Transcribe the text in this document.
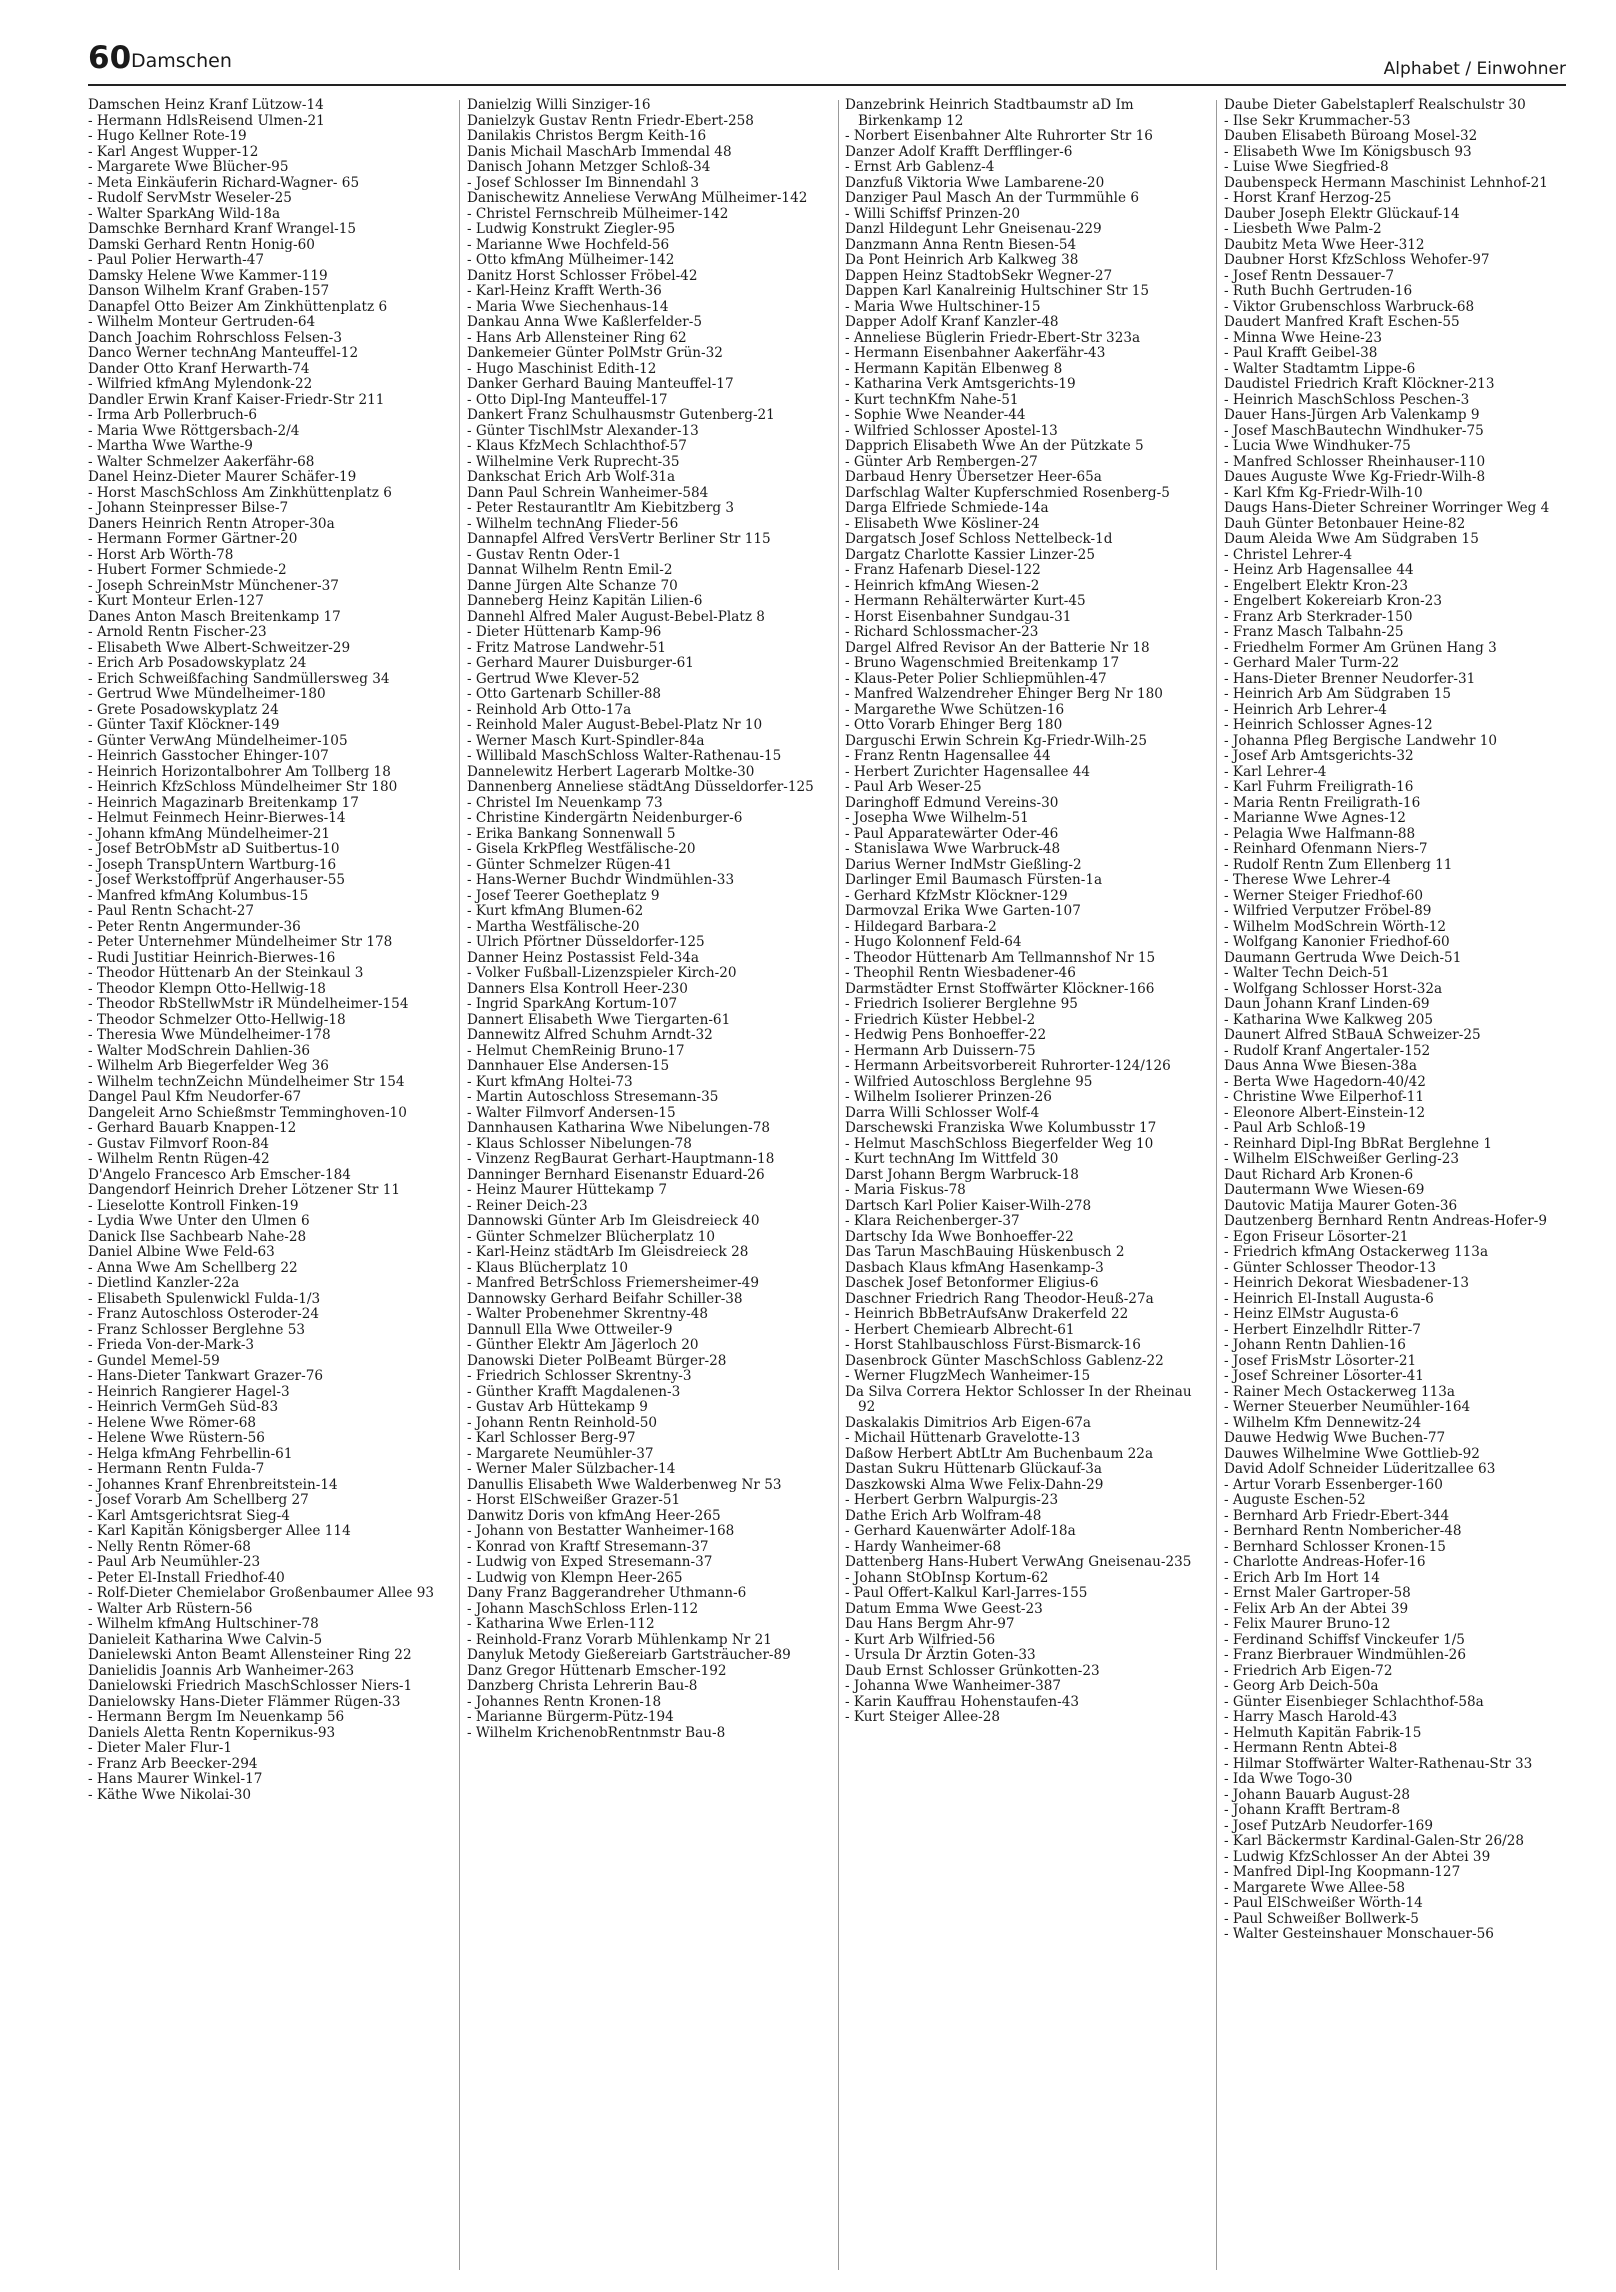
60 Damschen	Alphabet / Einwohner

Damschen Heinz Kranf Lützow-14

- Hermann HdlsReisend Ulmen-21

- Hugo Kellner Rote-19

- Karl Angest Wupper-12

- Margarete Wwe Blücher-95

- Meta Einkäuferin Richard-Wagner- 65

- Rudolf ServMstr Weseler-25

- Walter SparkAng Wild-18a

Damschke Bernhard Kranf Wrangel-15

Damski Gerhard Rentn Honig-60

- Paul Polier Herwarth-47

Damsky Helene Wwe Kammer-119

Danson Wilhelm Kranf Graben-157

Danapfel Otto Beizer Am Zinkhüttenplatz 6

- Wilhelm Monteur Gertruden-64

Danch Joachim Rohrschloss Felsen-3

Danco Werner technAng Manteuffel-12

Dander Otto Kranf Herwarth-74

- Wilfried kfmAng Mylendonk-22

Dandler Erwin Kranf Kaiser-Friedr-Str 211

- Irma Arb Pollerbruch-6

- Maria Wwe Röttgersbach-2/4

- Martha Wwe Warthe-9

- Walter Schmelzer Aakerfähr-68

Danel Heinz-Dieter Maurer Schäfer-19

- Horst MaschSchloss Am Zinkhüttenplatz 6

- Johann Steinpresser Bilse-7

Daners Heinrich Rentn Atroper-30a

- Hermann Former Gärtner-20

- Horst Arb Wörth-78

- Hubert Former Schmiede-2

- Joseph SchreinMstr Münchener-37

- Kurt Monteur Erlen-127

Danes Anton Masch Breitenkamp 17

- Arnold Rentn Fischer-23

- Elisabeth Wwe Albert-Schweitzer-29

- Erich Arb Posadowskyplatz 24

- Erich Schweißfaching Sandmüllersweg 34

- Gertrud Wwe Mündelheimer-180

- Grete Posadowskyplatz 24

- Günter Taxif Klöckner-149

- Günter VerwAng Mündelheimer-105

- Heinrich Gasstocher Ehinger-107

- Heinrich Horizontalbohrer Am Tollberg 18

- Heinrich KfzSchloss Mündelheimer Str 180

- Heinrich Magazinarb Breitenkamp 17

- Helmut Feinmech Heinr-Bierwes-14

- Johann kfmAng Mündelheimer-21

- Josef BetrObMstr aD Suitbertus-10

- Joseph TranspUntern Wartburg-16

- Josef Werkstoffprüf Angerhauser-55

- Manfred kfmAng Kolumbus-15

- Paul Rentn Schacht-27

- Peter Rentn Angermunder-36

- Peter Unternehmer Mündelheimer Str 178

- Rudi Justitiar Heinrich-Bierwes-16

- Theodor Hüttenarb An der Steinkaul 3

- Theodor Klempn Otto-Hellwig-18

- Theodor RbStellwMstr iR Mündelheimer-154

- Theodor Schmelzer Otto-Hellwig-18

- Theresia Wwe Mündelheimer-178

- Walter ModSchrein Dahlien-36

- Wilhelm Arb Biegerfelder Weg 36

- Wilhelm technZeichn Mündelheimer Str 154

Dangel Paul Kfm Neudorfer-67

Dangeleit Arno Schießmstr Temminghoven-10

- Gerhard Bauarb Knappen-12

- Gustav Filmvorf Roon-84

- Wilhelm Rentn Rügen-42

D'Angelo Francesco Arb Emscher-184

Dangendorf Heinrich Dreher Lötzener Str 11

- Lieselotte Kontroll Finken-19

- Lydia Wwe Unter den Ulmen 6

Danick Ilse Sachbearb Nahe-28

Daniel Albine Wwe Feld-63

- Anna Wwe Am Schellberg 22

- Dietlind Kanzler-22a

- Elisabeth Spulenwickl Fulda-1/3

- Franz Autoschloss Osteroder-24

- Franz Schlosser Berglehne 53

- Frieda Von-der-Mark-3

- Gundel Memel-59

- Hans-Dieter Tankwart Grazer-76

- Heinrich Rangierer Hagel-3

- Heinrich VermGeh Süd-83

- Helene Wwe Römer-68

- Helene Wwe Rüstern-56

- Helga kfmAng Fehrbellin-61

- Hermann Rentn Fulda-7

- Johannes Kranf Ehrenbreitstein-14

- Josef Vorarb Am Schellberg 27

- Karl Amtsgerichtsrat Sieg-4

- Karl Kapitän Königsberger Allee 114

- Nelly Rentn Römer-68

- Paul Arb Neumühler-23

- Peter El-Install Friedhof-40

- Rolf-Dieter Chemielabor Großenbaumer Allee 93

- Walter Arb Rüstern-56

- Wilhelm kfmAng Hultschiner-78

Danieleit Katharina Wwe Calvin-5

Danielewski Anton Beamt Allensteiner Ring 22

Danielidis Joannis Arb Wanheimer-263

Danielowski Friedrich MaschSchlosser Niers-1

Danielowsky Hans-Dieter Flämmer Rügen-33

- Hermann Bergm Im Neuenkamp 56

Daniels Aletta Rentn Kopernikus-93

- Dieter Maler Flur-1

- Franz Arb Beecker-294

- Hans Maurer Winkel-17

- Käthe Wwe Nikolai-30

Danielzig Willi Sinziger-16

Danielzyk Gustav Rentn Friedr-Ebert-258

Danilakis Christos Bergm Keith-16

Danis Michail MaschArb Immendal 48

Danisch Johann Metzger Schloß-34

- Josef Schlosser Im Binnendahl 3

Danischewitz Anneliese VerwAng Mülheimer-142

- Christel Fernschreib Mülheimer-142

- Ludwig Konstrukt Ziegler-95

- Marianne Wwe Hochfeld-56

- Otto kfmAng Mülheimer-142

Danitz Horst Schlosser Fröbel-42

- Karl-Heinz Krafft Werth-36

- Maria Wwe Siechenhaus-14

Dankau Anna Wwe Kaßlerfelder-5

- Hans Arb Allensteiner Ring 62

Dankemeier Günter PolMstr Grün-32

- Hugo Maschinist Edith-12

Danker Gerhard Bauing Manteuffel-17

- Otto Dipl-Ing Manteuffel-17

Dankert Franz Schulhausmstr Gutenberg-21

- Günter TischlMstr Alexander-13

- Klaus KfzMech Schlachthof-57

- Wilhelmine Verk Ruprecht-35

Dankschat Erich Arb Wolf-31a

Dann Paul Schrein Wanheimer-584

- Peter Restaurantltr Am Kiebitzberg 3

- Wilhelm technAng Flieder-56

Dannapfel Alfred VersVertr Berliner Str 115

- Gustav Rentn Oder-1

Dannat Wilhelm Rentn Emil-2

Danne Jürgen Alte Schanze 70

Danneberg Heinz Kapitän Lilien-6

Dannehl Alfred Maler August-Bebel-Platz 8

- Dieter Hüttenarb Kamp-96

- Fritz Matrose Landwehr-51

- Gerhard Maurer Duisburger-61

- Gertrud Wwe Klever-52

- Otto Gartenarb Schiller-88

- Reinhold Arb Otto-17a

- Reinhold Maler August-Bebel-Platz Nr 10

- Werner Masch Kurt-Spindler-84a

- Willibald MaschSchloss Walter-Rathenau-15

Dannelewitz Herbert Lagerarb Moltke-30

Dannenberg Anneliese städtAng Düsseldorfer-125

- Christel Im Neuenkamp 73

- Christine Kindergärtn Neidenburger-6

- Erika Bankang Sonnenwall 5

- Gisela KrkPfleg Westfälische-20

- Günter Schmelzer Rügen-41

- Hans-Werner Buchdr Windmühlen-33

- Josef Teerer Goetheplatz 9

- Kurt kfmAng Blumen-62

- Martha Westfälische-20

- Ulrich Pförtner Düsseldorfer-125

Danner Heinz Postassist Feld-34a

- Volker Fußball-Lizenzspieler Kirch-20

Danners Elsa Kontroll Heer-230

- Ingrid SparkAng Kortum-107

Dannert Elisabeth Wwe Tiergarten-61

Dannewitz Alfred Schuhm Arndt-32

- Helmut ChemReinig Bruno-17

Dannhauer Else Andersen-15

- Kurt kfmAng Holtei-73

- Martin Autoschloss Stresemann-35

- Walter Filmvorf Andersen-15

Dannhausen Katharina Wwe Nibelungen-78

- Klaus Schlosser Nibelungen-78

- Vinzenz RegBaurat Gerhart-Hauptmann-18

Danninger Bernhard Eisenanstr Eduard-26

- Heinz Maurer Hüttekamp 7

- Reiner Deich-23

Dannowski Günter Arb Im Gleisdreieck 40

- Günter Schmelzer Blücherplatz 10

- Karl-Heinz städtArb Im Gleisdreieck 28

- Klaus Blücherplatz 10

- Manfred BetrSchloss Friemersheimer-49

Dannowsky Gerhard Beifahr Schiller-38

- Walter Probenehmer Skrentny-48

Dannull Ella Wwe Ottweiler-9

- Günther Elektr Am Jägerloch 20

Danowski Dieter PolBeamt Bürger-28

- Friedrich Schlosser Skrentny-3

- Günther Krafft Magdalenen-3

- Gustav Arb Hüttekamp 9

- Johann Rentn Reinhold-50

- Karl Schlosser Berg-97

- Margarete Neumühler-37

- Werner Maler Sülzbacher-14

Danullis Elisabeth Wwe Walderbenweg Nr 53

- Horst ElSchweißer Grazer-51

Danwitz Doris von kfmAng Heer-265

- Johann von Bestatter Wanheimer-168

- Konrad von Kraftf Stresemann-37

- Ludwig von Exped Stresemann-37

- Ludwig von Klempn Heer-265

Dany Franz Baggerandreher Uthmann-6

- Johann MaschSchloss Erlen-112

- Katharina Wwe Erlen-112

- Reinhold-Franz Vorarb Mühlenkamp Nr 21

Danyluk Metody Gießereiarb Gartsträucher-89

Danz Gregor Hüttenarb Emscher-192

Danzberg Christa Lehrerin Bau-8

- Johannes Rentn Kronen-18

- Marianne Bürgerm-Pütz-194

- Wilhelm KrichenobRentnmstr Bau-8

Danzebrink Heinrich Stadtbaumstr aD Im Birkenkamp 12

- Norbert Eisenbahner Alte Ruhrorter Str 16

Danzer Adolf Krafft Derfflinger-6

- Ernst Arb Gablenz-4

Danzfuß Viktoria Wwe Lambarene-20

Danziger Paul Masch An der Turmmühle 6

- Willi Schiffsf Prinzen-20

Danzl Hildegunt Lehr Gneisenau-229

Danzmann Anna Rentn Biesen-54

Da Pont Heinrich Arb Kalkweg 38

Dappen Heinz StadtobSekr Wegner-27

Dappen Karl Kanalreinig Hultschiner Str 15

- Maria Wwe Hultschiner-15

Dapper Adolf Kranf Kanzler-48

- Anneliese Büglerin Friedr-Ebert-Str 323a

- Hermann Eisenbahner Aakerfähr-43

- Hermann Kapitän Elbenweg 8

- Katharina Verk Amtsgerichts-19

- Kurt technKfm Nahe-51

- Sophie Wwe Neander-44

- Wilfried Schlosser Apostel-13

Dapprich Elisabeth Wwe An der Pützkate 5

- Günter Arb Rembergen-27

Darbaud Henry Übersetzer Heer-65a

Darfschlag Walter Kupferschmied Rosenberg-5

Darga Elfriede Schmiede-14a

- Elisabeth Wwe Kösliner-24

Dargatsch Josef Schloss Nettelbeck-1d

Dargatz Charlotte Kassier Linzer-25

- Franz Hafenarb Diesel-122

- Heinrich kfmAng Wiesen-2

- Hermann Rehälterwärter Kurt-45

- Horst Eisenbahner Sundgau-31

- Richard Schlossmacher-23

Dargel Alfred Revisor An der Batterie Nr 18

- Bruno Wagenschmied Breitenkamp 17

- Klaus-Peter Polier Schliepmühlen-47

- Manfred Walzendreher Ehinger Berg Nr 180

- Margarethe Wwe Schützen-16

- Otto Vorarb Ehinger Berg 180

Darguschi Erwin Schrein Kg-Friedr-Wilh-25

- Franz Rentn Hagensallee 44

- Herbert Zurichter Hagensallee 44

- Paul Arb Weser-25

Daringhoff Edmund Vereins-30

- Josepha Wwe Wilhelm-51

- Paul Apparatewärter Oder-46

- Stanislawa Wwe Warbruck-48

Darius Werner IndMstr Gießling-2

Darlinger Emil Baumasch Fürsten-1a

- Gerhard KfzMstr Klöckner-129

Darmovzal Erika Wwe Garten-107

- Hildegard Barbara-2

- Hugo Kolonnenf Feld-64

- Theodor Hüttenarb Am Tellmannshof Nr 15

- Theophil Rentn Wiesbadener-46

Darmstädter Ernst Stoffwärter Klöckner-166

- Friedrich Isolierer Berglehne 95

- Friedrich Küster Hebbel-2

- Hedwig Pens Bonhoeffer-22

- Hermann Arb Duissern-75

- Hermann Arbeitsvorbereit Ruhrorter-124/126

- Wilfried Autoschloss Berglehne 95

- Wilhelm Isolierer Prinzen-26

Darra Willi Schlosser Wolf-4

Darschewski Franziska Wwe Kolumbusstr 17

- Helmut MaschSchloss Biegerfelder Weg 10

- Kurt technAng Im Wittfeld 30

Darst Johann Bergm Warbruck-18

- Maria Fiskus-78

Dartsch Karl Polier Kaiser-Wilh-278

- Klara Reichenberger-37

Dartschy Ida Wwe Bonhoeffer-22

Das Tarun MaschBauing Hüskenbusch 2

Dasbach Klaus kfmAng Hasenkamp-3

Daschek Josef Betonformer Eligius-6

Daschner Friedrich Rang Theodor-Heuß-27a

- Heinrich BbBetrAufsAnw Drakerfeld 22

- Herbert Chemiearb Albrecht-61

- Horst Stahlbauschloss Fürst-Bismarck-16

Dasenbrock Günter MaschSchloss Gablenz-22

- Werner FlugzMech Wanheimer-15

Da Silva Correra Hektor Schlosser In der Rheinau 92

Daskalakis Dimitrios Arb Eigen-67a

- Michail Hüttenarb Gravelotte-13

Daßow Herbert AbtLtr Am Buchenbaum 22a

Dastan Sukru Hüttenarb Glückauf-3a

Daszkowski Alma Wwe Felix-Dahn-29

- Herbert Gerbrn Walpurgis-23

Dathe Erich Arb Wolfram-48

- Gerhard Kauenwärter Adolf-18a

- Hardy Wanheimer-68

Dattenberg Hans-Hubert VerwAng Gneisenau-235

- Johann StObInsp Kortum-62

- Paul Offert-Kalkul Karl-Jarres-155

Datum Emma Wwe Geest-23

Dau Hans Bergm Ahr-97

- Kurt Arb Wilfried-56

- Ursula Dr Ärztin Goten-33

Daub Ernst Schlosser Grünkotten-23

- Johanna Wwe Wanheimer-387

- Karin Kauffrau Hohenstaufen-43

- Kurt Steiger Allee-28

Daube Dieter Gabelstaplerf Realschulstr 30

- Ilse Sekr Krummacher-53

Dauben Elisabeth Büroang Mosel-32

- Elisabeth Wwe Im Königsbusch 93

- Luise Wwe Siegfried-8

Daubenspeck Hermann Maschinist Lehnhof-21

- Horst Kranf Herzog-25

Dauber Joseph Elektr Glückauf-14

- Liesbeth Wwe Palm-2

Daubitz Meta Wwe Heer-312

Daubner Horst KfzSchloss Wehofer-97

- Josef Rentn Dessauer-7

- Ruth Buchh Gertruden-16

- Viktor Grubenschloss Warbruck-68

Daudert Manfred Kraft Eschen-55

- Minna Wwe Heine-23

- Paul Krafft Geibel-38

- Walter Stadtamtm Lippe-6

Daudistel Friedrich Kraft Klöckner-213

- Heinrich MaschSchloss Peschen-3

Dauer Hans-Jürgen Arb Valenkamp 9

- Josef MaschBautechn Windhuker-75

- Lucia Wwe Windhuker-75

- Manfred Schlosser Rheinhauser-110

Daues Auguste Wwe Kg-Friedr-Wilh-8

- Karl Kfm Kg-Friedr-Wilh-10

Daugs Hans-Dieter Schreiner Worringer Weg 4

Dauh Günter Betonbauer Heine-82

Daum Aleida Wwe Am Südgraben 15

- Christel Lehrer-4

- Heinz Arb Hagensallee 44

- Engelbert Elektr Kron-23

- Engelbert Kokereiarb Kron-23

- Franz Arb Sterkrader-150

- Franz Masch Talbahn-25

- Friedhelm Former Am Grünen Hang 3

- Gerhard Maler Turm-22

- Hans-Dieter Brenner Neudorfer-31

- Heinrich Arb Am Südgraben 15

- Heinrich Arb Lehrer-4

- Heinrich Schlosser Agnes-12

- Johanna Pfleg Bergische Landwehr 10

- Josef Arb Amtsgerichts-32

- Karl Lehrer-4

- Karl Fuhrm Freiligrath-16

- Maria Rentn Freiligrath-16

- Marianne Wwe Agnes-12

- Pelagia Wwe Halfmann-88

- Reinhard Ofenmann Niers-7

- Rudolf Rentn Zum Ellenberg 11

- Therese Wwe Lehrer-4

- Werner Steiger Friedhof-60

- Wilfried Verputzer Fröbel-89

- Wilhelm ModSchrein Wörth-12

- Wolfgang Kanonier Friedhof-60

Daumann Gertruda Wwe Deich-51

- Walter Techn Deich-51

- Wolfgang Schlosser Horst-32a

Daun Johann Kranf Linden-69

- Katharina Wwe Kalkweg 205

Daunert Alfred StBauA Schweizer-25

- Rudolf Kranf Angertaler-152

Daus Anna Wwe Biesen-38a

- Berta Wwe Hagedorn-40/42

- Christine Wwe Eilperhof-11

- Eleonore Albert-Einstein-12

- Paul Arb Schloß-19

- Reinhard Dipl-Ing BbRat Berglehne 1

- Wilhelm ElSchweißer Gerling-23

Daut Richard Arb Kronen-6

Dautermann Wwe Wiesen-69

Dautovic Matija Maurer Goten-36

Dautzenberg Bernhard Rentn Andreas-Hofer-9

- Egon Friseur Lösorter-21

- Friedrich kfmAng Ostackerweg 113a

- Günter Schlosser Theodor-13

- Heinrich Dekorat Wiesbadener-13

- Heinrich El-Install Augusta-6

- Heinz ElMstr Augusta-6

- Herbert Einzelhdlr Ritter-7

- Johann Rentn Dahlien-16

- Josef FrisMstr Lösorter-21

- Josef Schreiner Lösorter-41

- Rainer Mech Ostackerweg 113a

- Werner Steuerber Neumühler-164

- Wilhelm Kfm Dennewitz-24

Dauwe Hedwig Wwe Buchen-77

Dauwes Wilhelmine Wwe Gottlieb-92

David Adolf Schneider Lüderitzallee 63

- Artur Vorarb Essenberger-160

- Auguste Eschen-52

- Bernhard Arb Friedr-Ebert-344

- Bernhard Rentn Nombericher-48

- Bernhard Schlosser Kronen-15

- Charlotte Andreas-Hofer-16

- Erich Arb Im Hort 14

- Ernst Maler Gartroper-58

- Felix Arb An der Abtei 39

- Felix Maurer Bruno-12

- Ferdinand Schiffsf Vinckeufer 1/5

- Franz Bierbrauer Windmühlen-26

- Friedrich Arb Eigen-72

- Georg Arb Deich-50a

- Günter Eisenbieger Schlachthof-58a

- Harry Masch Harold-43

- Helmuth Kapitän Fabrik-15

- Hermann Rentn Abtei-8

- Hilmar Stoffwärter Walter-Rathenau-Str 33

- Ida Wwe Togo-30

- Johann Bauarb August-28

- Johann Krafft Bertram-8

- Josef PutzArb Neudorfer-169

- Karl Bäckermstr Kardinal-Galen-Str 26/28

- Ludwig KfzSchlosser An der Abtei 39

- Manfred Dipl-Ing Koopmann-127

- Margarete Wwe Allee-58

- Paul ElSchweißer Wörth-14

- Paul Schweißer Bollwerk-5

- Walter Gesteinshauer Monschauer-56
